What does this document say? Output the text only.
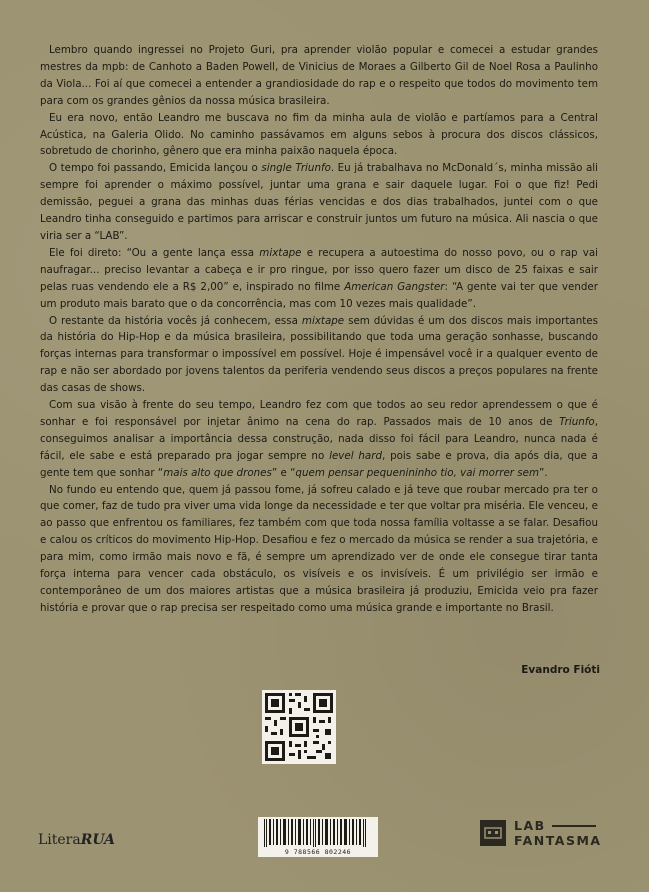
Lembro quando ingressei no Projeto Guri, pra aprender violão popular e comecei a estudar grandes mestres da mpb: de Canhoto a Baden Powell, de Vinicius de Moraes a Gilberto Gil de Noel Rosa a Paulinho da Viola... Foi aí que comecei a entender a grandiosidade do rap e o respeito que todos do movimento tem para com os grandes gênios da nossa música brasileira.

Eu era novo, então Leandro me buscava no fim da minha aula de violão e partíamos para a Central Acústica, na Galeria Olido. No caminho passávamos em alguns sebos à procura dos discos clássicos, sobretudo de chorinho, gênero que era minha paixão naquela época.

O tempo foi passando, Emicida lançou o single Triunfo. Eu já trabalhava no McDonald´s, minha missão ali sempre foi aprender o máximo possível, juntar uma grana e sair daquele lugar. Foi o que fiz! Pedi demissão, peguei a grana das minhas duas férias vencidas e dos dias trabalhados, juntei com o que Leandro tinha conseguido e partimos para arriscar e construir juntos um futuro na música. Ali nascia o que viria ser a “LAB”.

Ele foi direto: “Ou a gente lança essa mixtape e recupera a autoestima do nosso povo, ou o rap vai naufragar... preciso levantar a cabeça e ir pro ringue, por isso quero fazer um disco de 25 faixas e sair pelas ruas vendendo ele a R$ 2,00” e, inspirado no filme American Gangster: “A gente vai ter que vender um produto mais barato que o da concorrência, mas com 10 vezes mais qualidade”.

O restante da história vocês já conhecem, essa mixtape sem dúvidas é um dos discos mais importantes da história do Hip-Hop e da música brasileira, possibilitando que toda uma geração sonhasse, buscando forças internas para transformar o impossível em possível. Hoje é impensável você ir a qualquer evento de rap e não ser abordado por jovens talentos da periferia vendendo seus discos a preços populares na frente das casas de shows.

Com sua visão à frente do seu tempo, Leandro fez com que todos ao seu redor aprendessem o que é sonhar e foi responsável por injetar ânimo na cena do rap. Passados mais de 10 anos de Triunfo, conseguimos analisar a importância dessa construção, nada disso foi fácil para Leandro, nunca nada é fácil, ele sabe e está preparado pra jogar sempre no level hard, pois sabe e prova, dia após dia, que a gente tem que sonhar “mais alto que drones” e “quem pensar pequenininho tio, vai morrer sem”.

No fundo eu entendo que, quem já passou fome, já sofreu calado e já teve que roubar mercado pra ter o que comer, faz de tudo pra viver uma vida longe da necessidade e ter que voltar pra miséria. Ele venceu, e ao passo que enfrentou os familiares, fez também com que toda nossa família voltasse a se falar. Desafiou e calou os críticos do movimento Hip-Hop. Desafiou e fez o mercado da música se render a sua trajetória, e para mim, como irmão mais novo e fã, é sempre um aprendizado ver de onde ele consegue tirar tanta força interna para vencer cada obstáculo, os visíveis e os invisíveis. É um privilégio ser irmão e contemporâneo de um dos maiores artistas que a música brasileira já produziu, Emicida veio pra fazer história e provar que o rap precisa ser respeitado como uma música grande e importante no Brasil.

Evandro Fióti
9 788566 802246
LiteraRUA
LAB
FANTASMA
